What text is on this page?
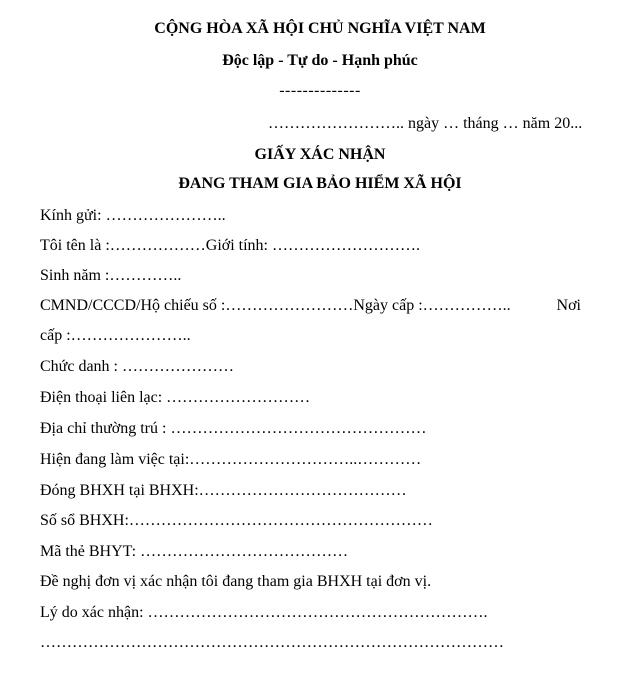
CỘNG HÒA XÃ HỘI CHỦ NGHĨA VIỆT NAM
Độc lập - Tự do - Hạnh phúc
--------------
…………………….. ngày … tháng … năm 20...
GIẤY XÁC NHẬN
ĐANG THAM GIA BẢO HIỂM XÃ HỘI
Kính gửi: …………………..
Tôi tên là :………………Giới tính: ……………………….
Sinh năm :…………..
CMND/CCCD/Hộ chiếu số :……………………Ngày cấp :……………..	Nơi
cấp :…………………..
Chức danh : …………………
Điện thoại liên lạc: ………………………
Địa chỉ thường trú : …………………………………………
Hiện đang làm việc tại:…………………………..…………
Đóng BHXH tại BHXH:…………………………………
Số sổ BHXH:…………………………………………………
Mã thẻ BHYT: …………………………………
Đề nghị đơn vị xác nhận tôi đang tham gia BHXH tại đơn vị.
Lý do xác nhận: ……………………………………………………….
……………………………………………………………………………
